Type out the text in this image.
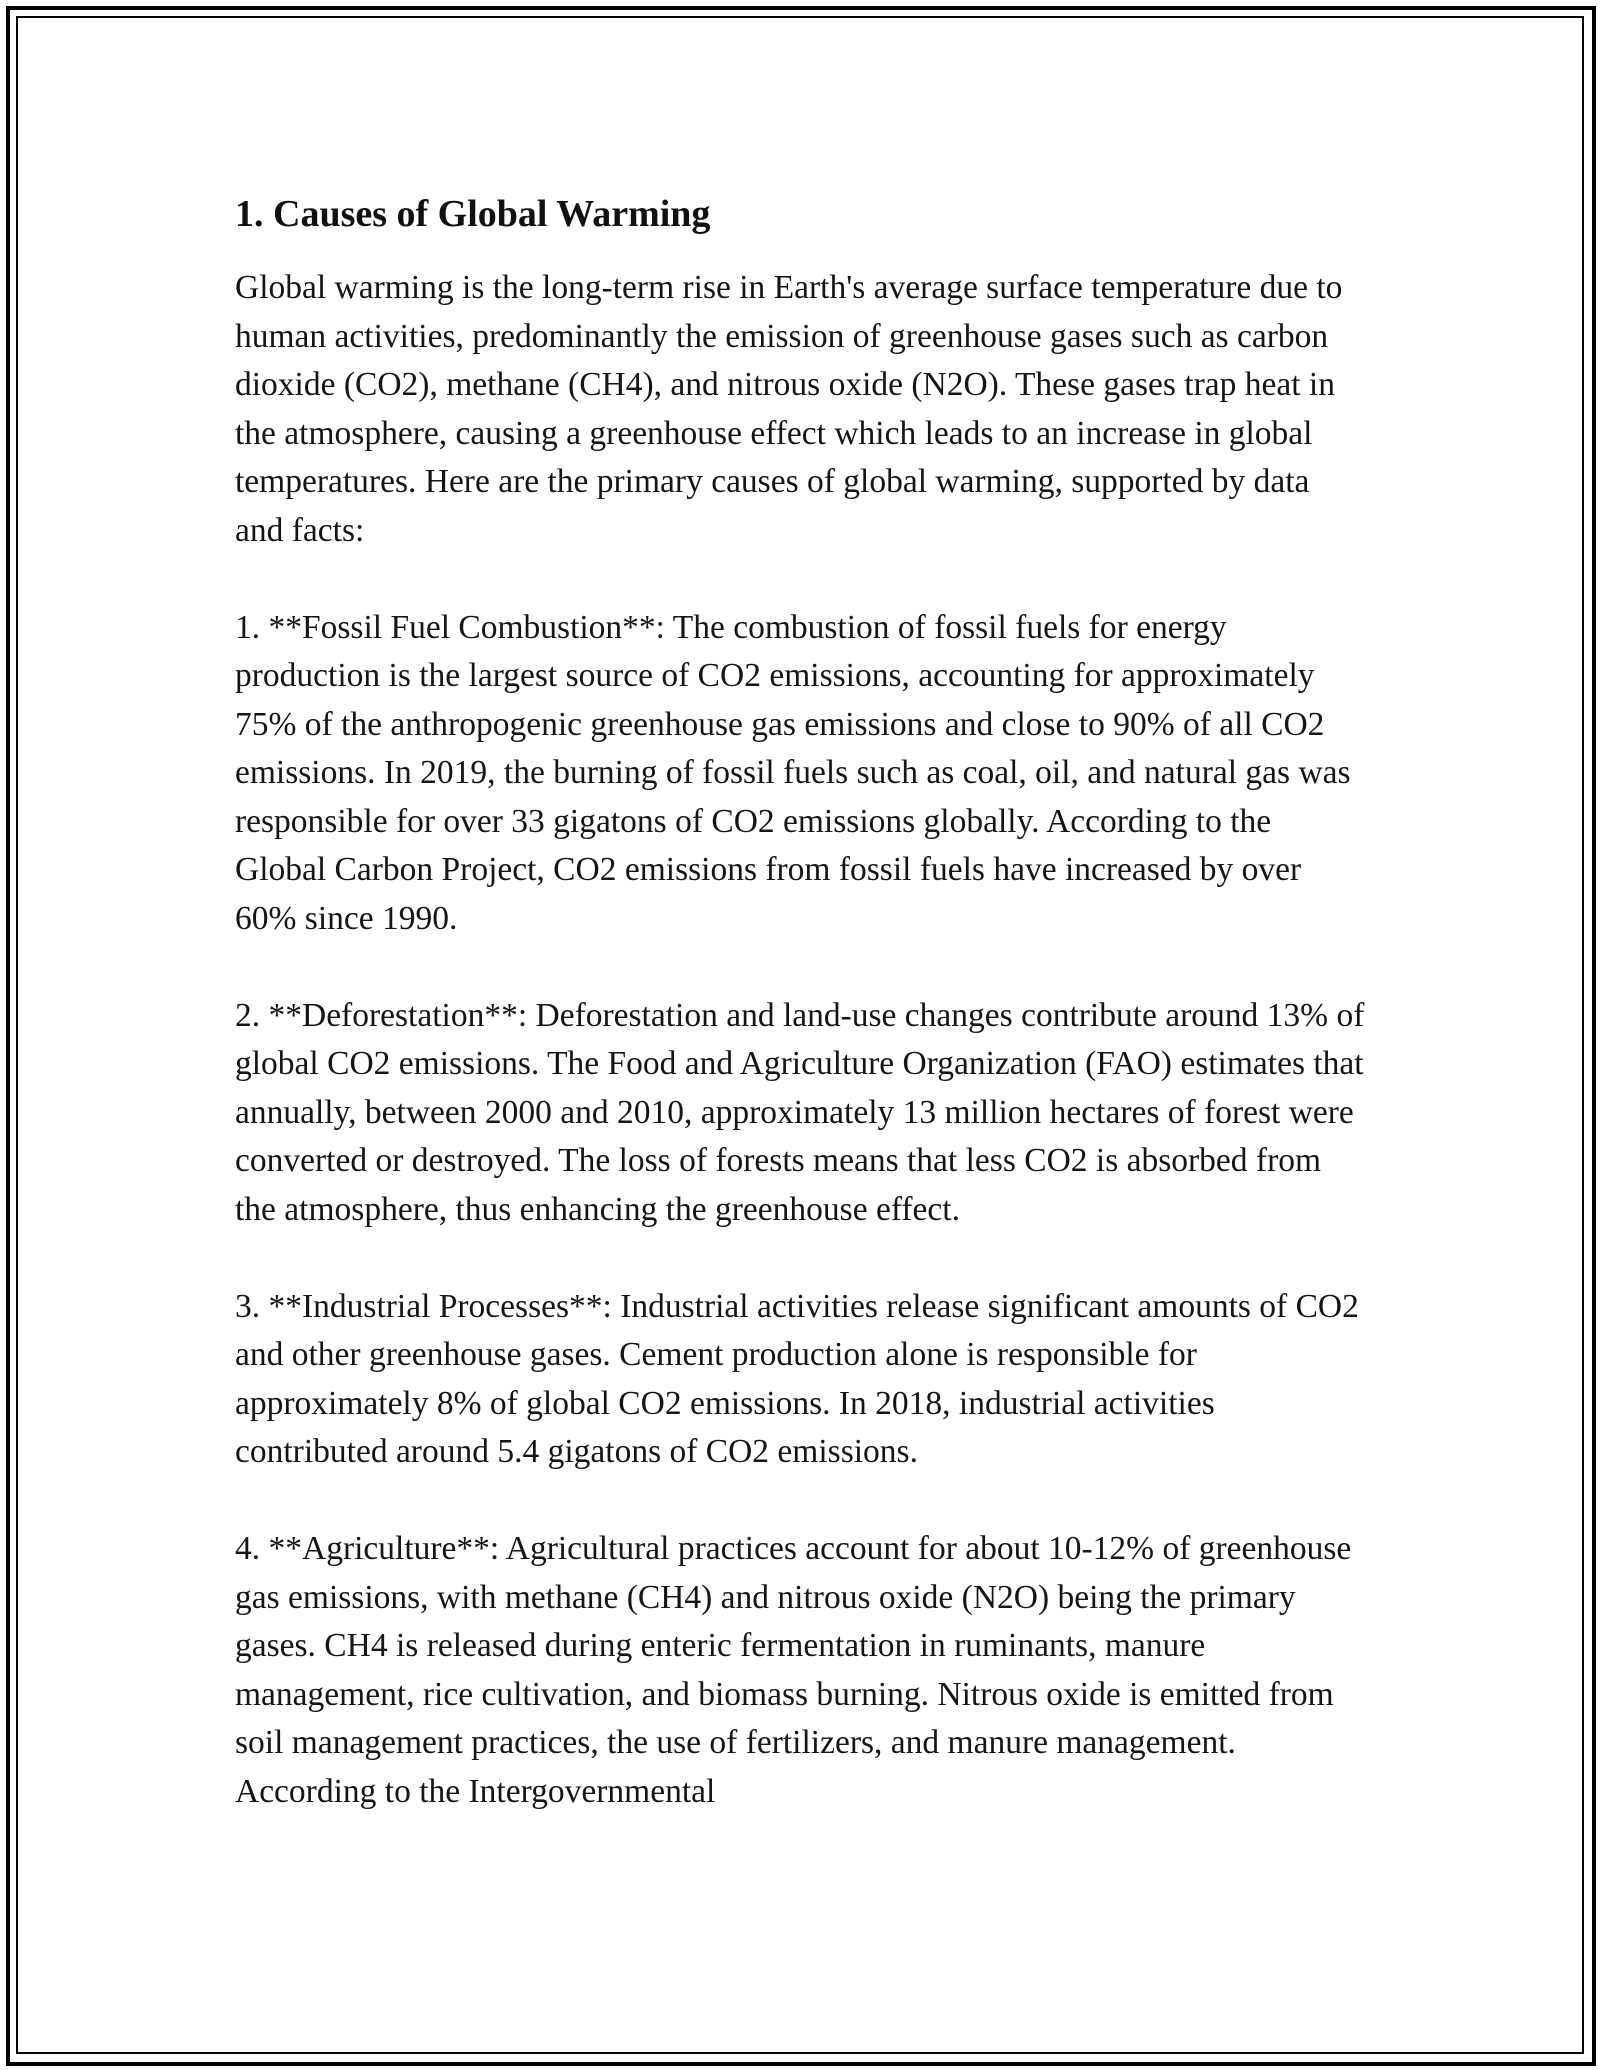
1. Causes of Global Warming

Global warming is the long-term rise in Earth's average surface temperature due to human activities, predominantly the emission of greenhouse gases such as carbon dioxide (CO2), methane (CH4), and nitrous oxide (N2O). These gases trap heat in the atmosphere, causing a greenhouse effect which leads to an increase in global temperatures. Here are the primary causes of global warming, supported by data and facts:

1. **Fossil Fuel Combustion**: The combustion of fossil fuels for energy production is the largest source of CO2 emissions, accounting for approximately 75% of the anthropogenic greenhouse gas emissions and close to 90% of all CO2 emissions. In 2019, the burning of fossil fuels such as coal, oil, and natural gas was responsible for over 33 gigatons of CO2 emissions globally. According to the Global Carbon Project, CO2 emissions from fossil fuels have increased by over 60% since 1990.

2. **Deforestation**: Deforestation and land-use changes contribute around 13% of global CO2 emissions. The Food and Agriculture Organization (FAO) estimates that annually, between 2000 and 2010, approximately 13 million hectares of forest were converted or destroyed. The loss of forests means that less CO2 is absorbed from the atmosphere, thus enhancing the greenhouse effect.

3. **Industrial Processes**: Industrial activities release significant amounts of CO2 and other greenhouse gases. Cement production alone is responsible for approximately 8% of global CO2 emissions. In 2018, industrial activities contributed around 5.4 gigatons of CO2 emissions.

4. **Agriculture**: Agricultural practices account for about 10-12% of greenhouse gas emissions, with methane (CH4) and nitrous oxide (N2O) being the primary gases. CH4 is released during enteric fermentation in ruminants, manure management, rice cultivation, and biomass burning. Nitrous oxide is emitted from soil management practices, the use of fertilizers, and manure management. According to the Intergovernmental
